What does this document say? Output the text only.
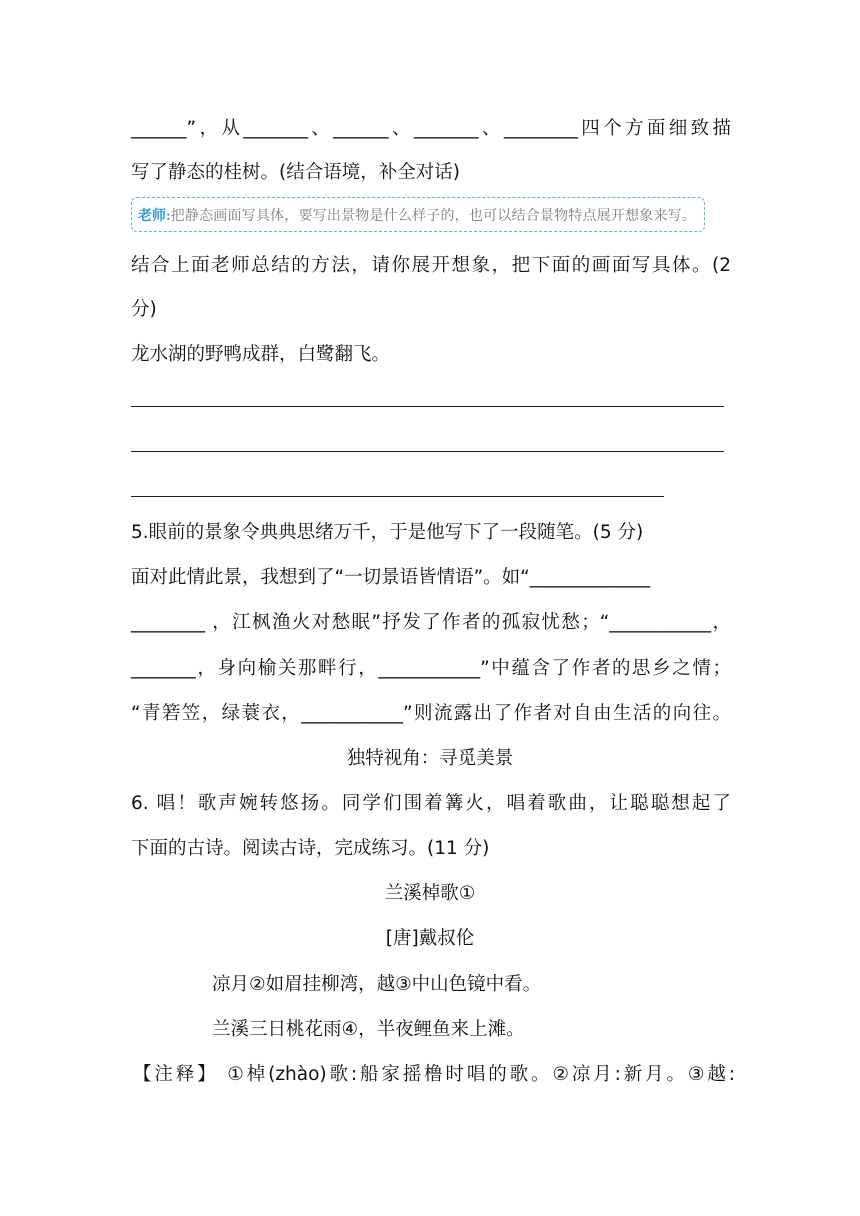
______”，从_______、______、_______、________四个方面细致描
写了静态的桂树。(结合语境，补全对话)
老师: 把静态画面写具体，要写出景物是什么样子的，也可以结合景物特点展开想象来写。
结合上面老师总结的方法，请你展开想象，把下面的画面写具体。(2
分)
龙水湖的野鸭成群，白鹭翻飞。
5.眼前的景象令典典思绪万千，于是他写下了一段随笔。(5 分)
面对此情此景，我想到了“一切景语皆情语”。如“_____________
________ ，江枫渔火对愁眠”抒发了作者的孤寂忧愁；“___________，
_______，身向榆关那畔行，___________”中蕴含了作者的思乡之情；
“青箬笠，绿蓑衣，___________”则流露出了作者对自由生活的向往。
独特视角：寻觅美景
6. 唱！歌声婉转悠扬。同学们围着篝火，唱着歌曲，让聪聪想起了
下面的古诗。阅读古诗，完成练习。(11 分)
兰溪棹歌①
[唐]戴叔伦
凉月②如眉挂柳湾，越③中山色镜中看。
兰溪三日桃花雨④，半夜鲤鱼来上滩。
【注释】 ①棹(zhào)歌:船家摇橹时唱的歌。②凉月:新月。③越:
